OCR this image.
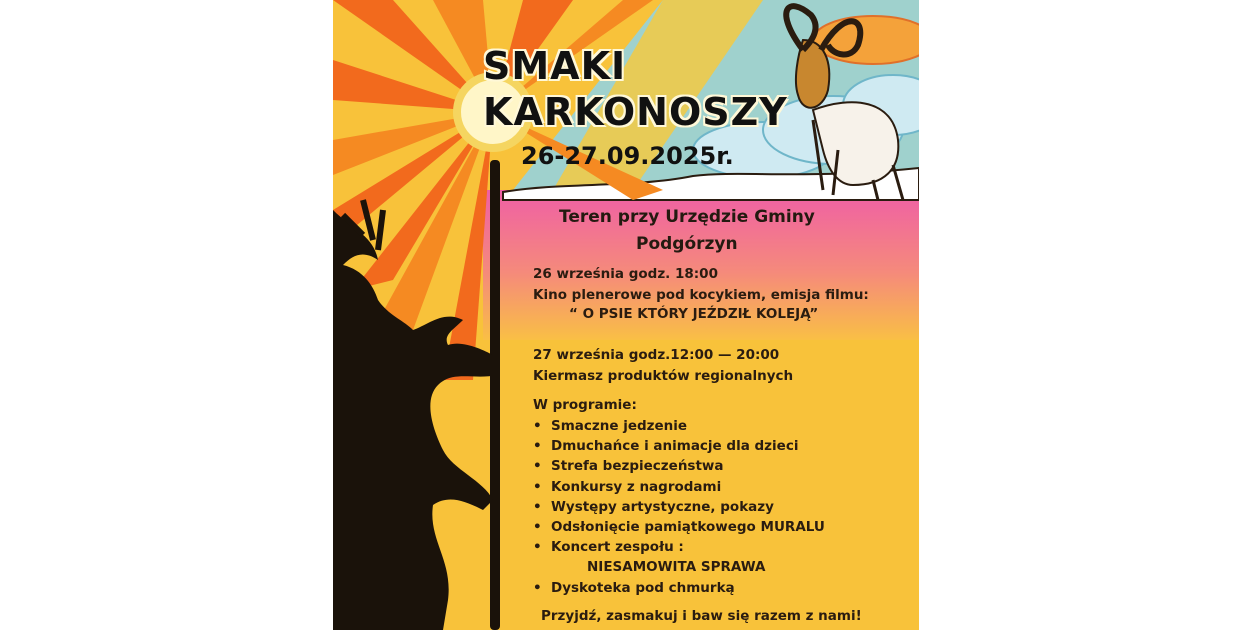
SMAKI
KARKONOSZY
26-27.09.2025r.
Teren przy Urzędzie Gminy
Podgórzyn
26 września godz. 18:00
Kino plenerowe pod kocykiem, emisja filmu:
“ O PSIE KTÓRY JEŹDZIŁ KOLEJĄ”
27 września godz.12:00 — 20:00
Kiermasz produktów regionalnych
W programie:
• Smaczne jedzenie
• Dmuchańce i animacje dla dzieci
• Strefa bezpieczeństwa
• Konkursy z nagrodami
• Występy artystyczne, pokazy
• Odsłonięcie pamiątkowego MURALU
• Koncert zespołu :
NIESAMOWITA SPRAWA
• Dyskoteka pod chmurką
Przyjdź, zasmakuj i baw się razem z nami!
